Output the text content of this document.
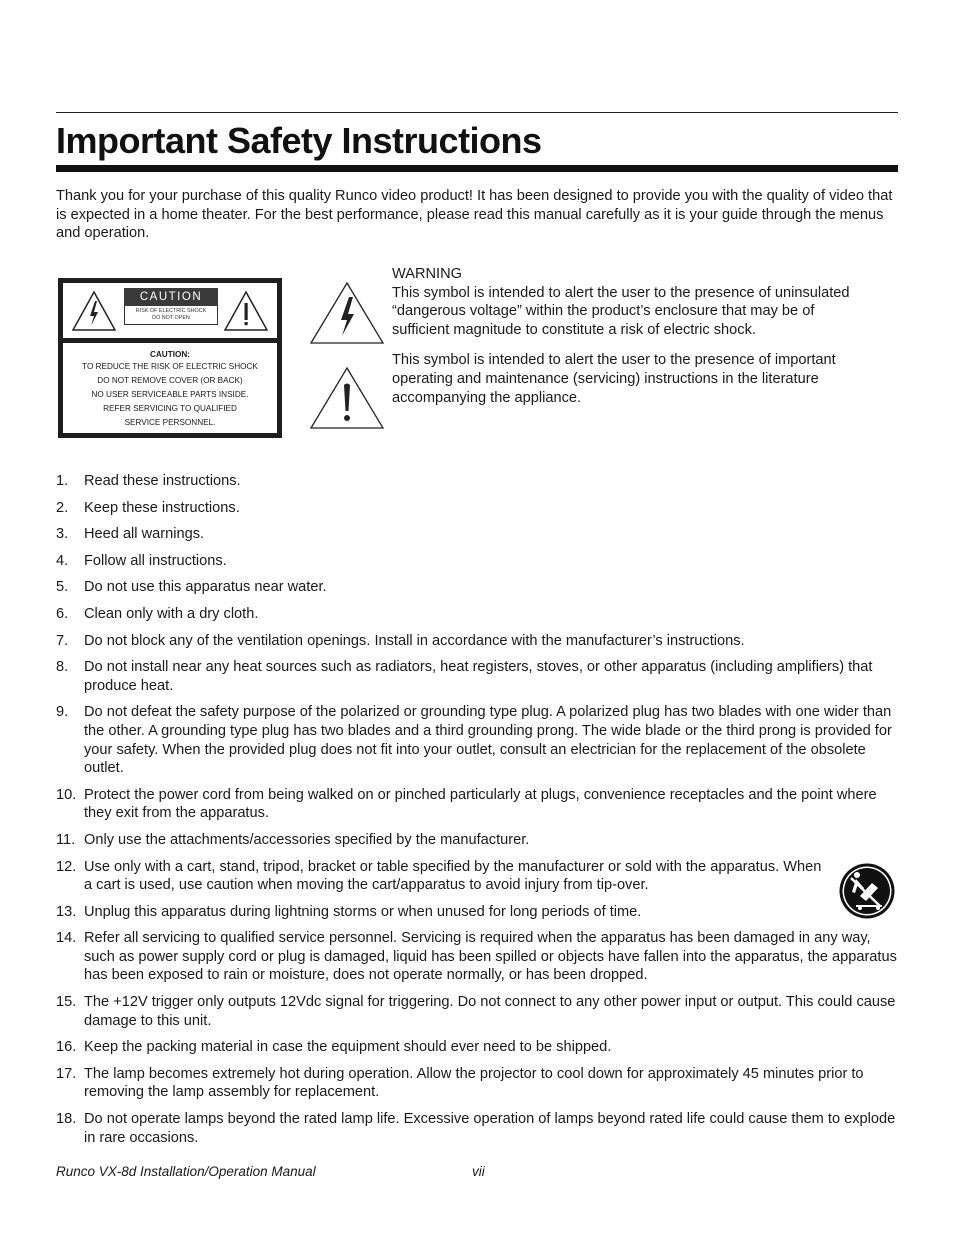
Important Safety Instructions

Thank you for your purchase of this quality Runco video product! It has been designed to provide you with the quality of video that is expected in a home theater. For the best performance, please read this manual carefully as it is your guide through the menus and operation.

CAUTION
RISK OF ELECTRIC SHOCK
DO NOT OPEN
CAUTION:
TO REDUCE THE RISK OF ELECTRIC SHOCK
DO NOT REMOVE COVER (OR BACK)
NO USER SERVICEABLE PARTS INSIDE.
REFER SERVICING TO QUALIFIED
SERVICE PERSONNEL.

WARNING

This symbol is intended to alert the user to the presence of uninsulated “dangerous voltage” within the product’s enclosure that may be of sufficient magnitude to constitute a risk of electric shock.

This symbol is intended to alert the user to the presence of important operating and maintenance (servicing) instructions in the literature accompanying the appliance.

1. Read these instructions.
2. Keep these instructions.
3. Heed all warnings.
4. Follow all instructions.
5. Do not use this apparatus near water.
6. Clean only with a dry cloth.
7. Do not block any of the ventilation openings. Install in accordance with the manufacturer’s instructions.
8. Do not install near any heat sources such as radiators, heat registers, stoves, or other apparatus (including amplifiers) that produce heat.
9. Do not defeat the safety purpose of the polarized or grounding type plug. A polarized plug has two blades with one wider than the other. A grounding type plug has two blades and a third grounding prong. The wide blade or the third prong is provided for your safety. When the provided plug does not fit into your outlet, consult an electrician for the replacement of the obsolete outlet.
10. Protect the power cord from being walked on or pinched particularly at plugs, convenience receptacles and the point where they exit from the apparatus.
11. Only use the attachments/accessories specified by the manufacturer.
12. Use only with a cart, stand, tripod, bracket or table specified by the manufacturer or sold with the apparatus. When a cart is used, use caution when moving the cart/apparatus to avoid injury from tip-over.
13. Unplug this apparatus during lightning storms or when unused for long periods of time.
14. Refer all servicing to qualified service personnel. Servicing is required when the apparatus has been damaged in any way, such as power supply cord or plug is damaged, liquid has been spilled or objects have fallen into the apparatus, the apparatus has been exposed to rain or moisture, does not operate normally, or has been dropped.
15. The +12V trigger only outputs 12Vdc signal for triggering. Do not connect to any other power input or output. This could cause damage to this unit.
16. Keep the packing material in case the equipment should ever need to be shipped.
17. The lamp becomes extremely hot during operation. Allow the projector to cool down for approximately 45 minutes prior to removing the lamp assembly for replacement.
18. Do not operate lamps beyond the rated lamp life. Excessive operation of lamps beyond rated life could cause them to explode in rare occasions.
Runco VX-8d Installation/Operation Manual	vii
